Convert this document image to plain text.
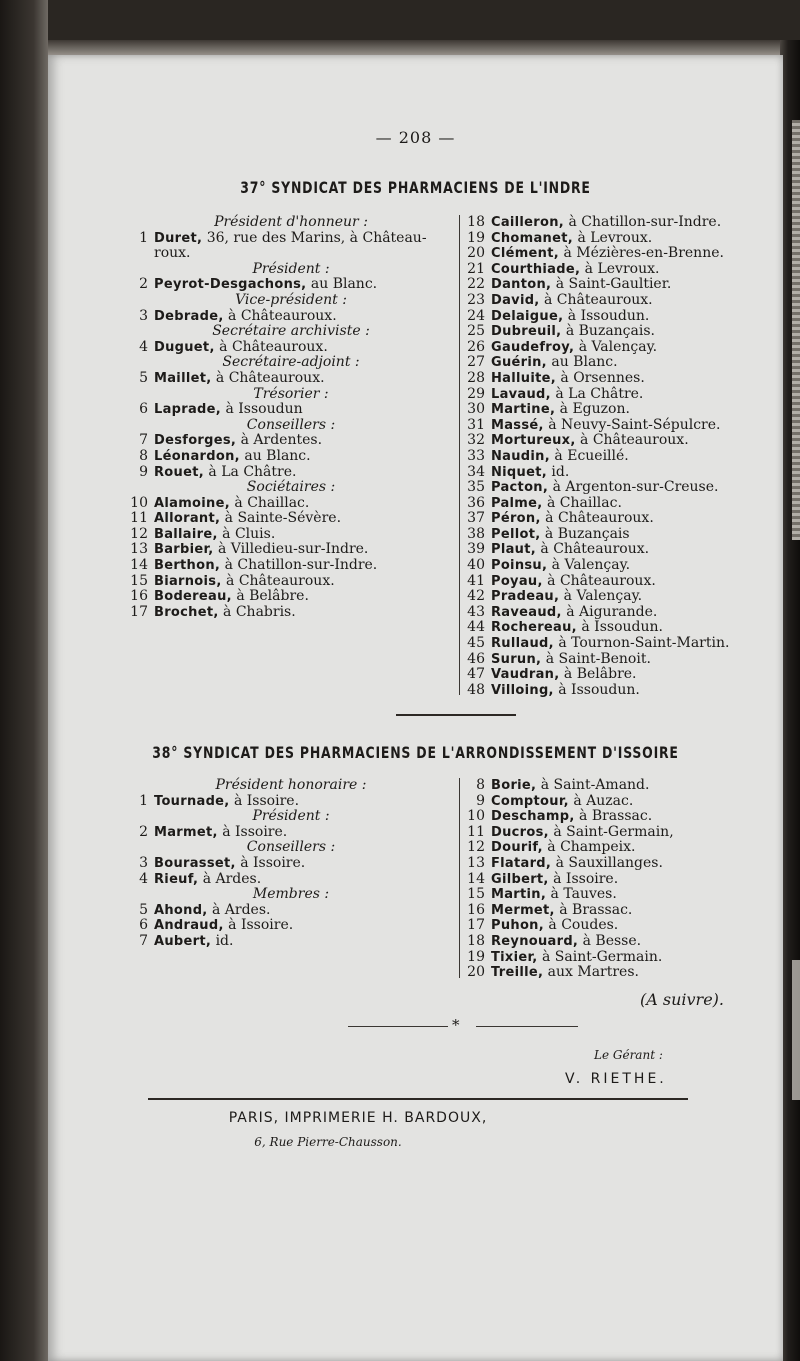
— 208 —
37° SYNDICAT DES PHARMACIENS DE L'INDRE
Président d'honneur :
1 Duret, 36, rue des Marins, à Château-
roux.
Président :
2 Peyrot-Desgachons, au Blanc.
Vice-président :
3 Debrade, à Châteauroux.
Secrétaire archiviste :
4 Duguet, à Châteauroux.
Secrétaire-adjoint :
5 Maillet, à Châteauroux.
Trésorier :
6 Laprade, à Issoudun
Conseillers :
7 Desforges, à Ardentes.
8 Léonardon, au Blanc.
9 Rouet, à La Châtre.
Sociétaires :
10 Alamoine, à Chaillac.
11 Allorant, à Sainte-Sévère.
12 Ballaire, à Cluis.
13 Barbier, à Villedieu-sur-Indre.
14 Berthon, à Chatillon-sur-Indre.
15 Biarnois, à Châteauroux.
16 Bodereau, à Belâbre.
17 Brochet, à Chabris.
18 Cailleron, à Chatillon-sur-Indre.
19 Chomanet, à Levroux.
20 Clément, à Mézières-en-Brenne.
21 Courthiade, à Levroux.
22 Danton, à Saint-Gaultier.
23 David, à Châteauroux.
24 Delaigue, à Issoudun.
25 Dubreuil, à Buzançais.
26 Gaudefroy, à Valençay.
27 Guérin, au Blanc.
28 Halluite, à Orsennes.
29 Lavaud, à La Châtre.
30 Martine, à Eguzon.
31 Massé, à Neuvy-Saint-Sépulcre.
32 Mortureux, à Châteauroux.
33 Naudin, à Ecueillé.
34 Niquet, id.
35 Pacton, à Argenton-sur-Creuse.
36 Palme, à Chaillac.
37 Péron, à Châteauroux.
38 Pellot, à Buzançais
39 Plaut, à Châteauroux.
40 Poinsu, à Valençay.
41 Poyau, à Châteauroux.
42 Pradeau, à Valençay.
43 Raveaud, à Aigurande.
44 Rochereau, à Issoudun.
45 Rullaud, à Tournon-Saint-Martin.
46 Surun, à Saint-Benoit.
47 Vaudran, à Belâbre.
48 Villoing, à Issoudun.
38° SYNDICAT DES PHARMACIENS DE L'ARRONDISSEMENT D'ISSOIRE
Président honoraire :
1 Tournade, à Issoire.
Président :
2 Marmet, à Issoire.
Conseillers :
3 Bourasset, à Issoire.
4 Rieuf, à Ardes.
Membres :
5 Ahond, à Ardes.
6 Andraud, à Issoire.
7 Aubert, id.
8 Borie, à Saint-Amand.
9 Comptour, à Auzac.
10 Deschamp, à Brassac.
11 Ducros, à Saint-Germain,
12 Dourif, à Champeix.
13 Flatard, à Sauxillanges.
14 Gilbert, à Issoire.
15 Martin, à Tauves.
16 Mermet, à Brassac.
17 Puhon, à Coudes.
18 Reynouard, à Besse.
19 Tixier, à Saint-Germain.
20 Treille, aux Martres.
(A suivre).
*
Le Gérant :
V. RIETHE.
PARIS, IMPRIMERIE H. BARDOUX,
6, Rue Pierre-Chausson.
